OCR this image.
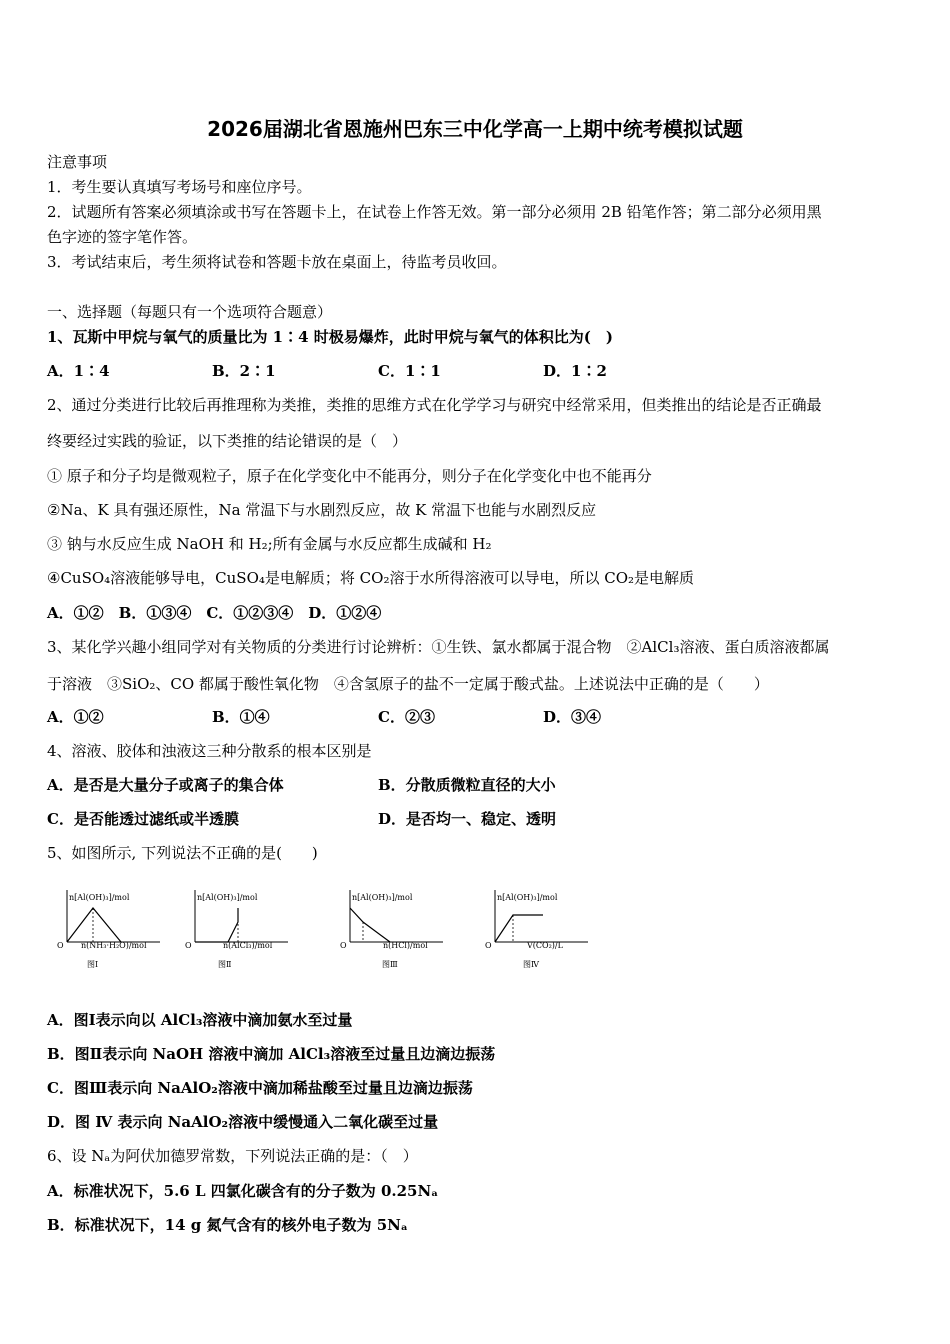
2026届湖北省恩施州巴东三中化学高一上期中统考模拟试题
注意事项
1．考生要认真填写考场号和座位序号。
2．试题所有答案必须填涂或书写在答题卡上，在试卷上作答无效。第一部分必须用 2B 铅笔作答；第二部分必须用黑
色字迹的签字笔作答。
3．考试结束后，考生须将试卷和答题卡放在桌面上，待监考员收回。
一、选择题（每题只有一个选项符合题意）
1、瓦斯中甲烷与氧气的质量比为 1∶4 时极易爆炸，此时甲烷与氧气的体积比为(　)
A．1∶4	B．2∶1	C．1∶1	D．1∶2
2、通过分类进行比较后再推理称为类推，类推的思维方式在化学学习与研究中经常采用，但类推出的结论是否正确最
终要经过实践的验证，以下类推的结论错误的是（　）
① 原子和分子均是微观粒子，原子在化学变化中不能再分，则分子在化学变化中也不能再分
②Na、K 具有强还原性，Na 常温下与水剧烈反应，故 K 常温下也能与水剧烈反应
③ 钠与水反应生成 NaOH 和 H₂;所有金属与水反应都生成碱和 H₂
④CuSO₄溶液能够导电，CuSO₄是电解质；将 CO₂溶于水所得溶液可以导电，所以 CO₂是电解质
A．①②　B．①③④　C．①②③④　D．①②④
3、某化学兴趣小组同学对有关物质的分类进行讨论辨析：①生铁、氯水都属于混合物　②AlCl₃溶液、蛋白质溶液都属
于溶液　③SiO₂、CO 都属于酸性氧化物　④含氢原子的盐不一定属于酸式盐。上述说法中正确的是（　　）
A．①②	B．①④	C．②③	D．③④
4、溶液、胶体和浊液这三种分散系的根本区别是
A．是否是大量分子或离子的集合体	B．分散质微粒直径的大小
C．是否能透过滤纸或半透膜	D．是否均一、稳定、透明
5、如图所示, 下列说法不正确的是(　　)
n[Al(OH)₃]/mol
n(NH₃·H₂O)/mol
O
图Ⅰ
n[Al(OH)₃]/mol
n(AlCl₃)/mol
O
图Ⅱ
n[Al(OH)₃]/mol
n(HCl)/mol
O
图Ⅲ
n[Al(OH)₃]/mol
V(CO₂)/L
O
图Ⅳ
A．图Ⅰ表示向以 AlCl₃溶液中滴加氨水至过量
B．图Ⅱ表示向 NaOH 溶液中滴加 AlCl₃溶液至过量且边滴边振荡
C．图Ⅲ表示向 NaAlO₂溶液中滴加稀盐酸至过量且边滴边振荡
D．图 Ⅳ 表示向 NaAlO₂溶液中缓慢通入二氧化碳至过量
6、设 Nₐ为阿伏加德罗常数，下列说法正确的是：（　）
A．标准状况下，5.6 L 四氯化碳含有的分子数为 0.25Nₐ
B．标准状况下，14 g 氮气含有的核外电子数为 5Nₐ
